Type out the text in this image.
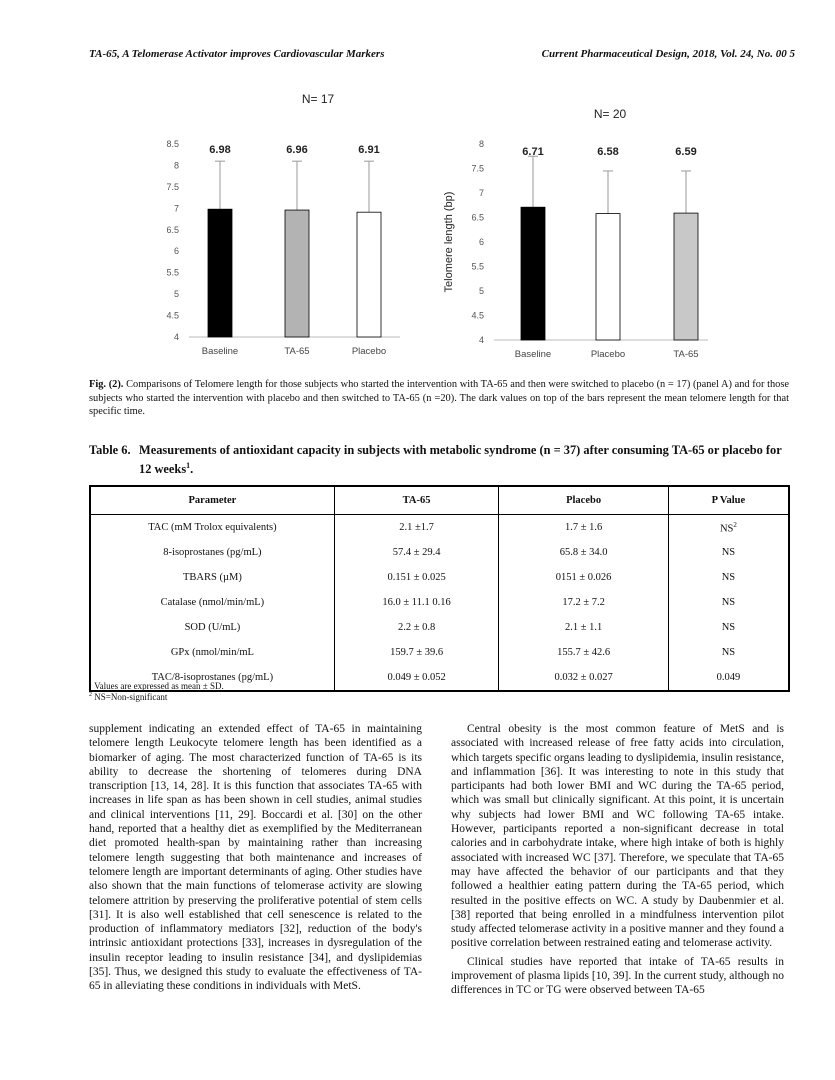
TA-65, A Telomerase Activator improves Cardiovascular Markers	Current Pharmaceutical Design, 2018, Vol. 24, No. 00 5
N= 17
4
4.5
5
5.5
6
6.5
7
7.5
8
8.5	6.98
Baseline
6.96
TA-65
6.91
Placebo
N= 20
Telomere length (bp)
4
4.5
5
5.5
6
6.5
7
7.5
8
6.71
Baseline
6.58
Placebo
6.59
TA-65
Fig. (2). Comparisons of Telomere length for those subjects who started the intervention with TA-65 and then were switched to placebo (n = 17) (panel A) and for those subjects who started the intervention with placebo and then switched to TA-65 (n =20). The dark values on top of the bars represent the mean telomere length for that specific time.
Table 6. Measurements of antioxidant capacity in subjects with metabolic syndrome (n = 37) after consuming TA-65 or placebo for
12 weeks$^1$.
Parameter	TA-65	Placebo	P Value
TAC (mM Trolox equivalents)	2.1 ±1.7	1.7 ± 1.6	$NS^2$
8-isoprostanes (pg/mL)	57.4 ± 29.4	65.8 ± 34.0	NS
TBARS (µM)	0.151 ± 0.025	0151 ± 0.026	NS
Catalase (nmol/min/mL)	16.0 ± 11.1 0.16	17.2 ± 7.2	NS
SOD (U/mL)	2.2 ± 0.8	2.1 ± 1.1	NS
GPx (nmol/min/mL	159.7 ± 39.6	155.7 ± 42.6	NS
TAC/8-isoprostanes (pg/mL)	0.049 ± 0.052	0.032 ± 0.027	0.049
$^1$ Values are expressed as mean ± SD.
$^2$ NS=Non-significant

supplement indicating an extended effect of TA-65 in maintaining telomere length Leukocyte telomere length has been identified as a biomarker of aging. The most characterized function of TA-65 is its ability to decrease the shortening of telomeres during DNA transcription [13, 14, 28]. It is this function that associates TA-65 with increases in life span as has been shown in cell studies, animal studies and clinical interventions [11, 29]. Boccardi et al. [30] on the other hand, reported that a healthy diet as exemplified by the Mediterranean diet promoted health-span by maintaining rather than increasing telomere length suggesting that both maintenance and increases of telomere length are important determinants of aging. Other studies have also shown that the main functions of telomerase activity are slowing telomere attrition by preserving the proliferative potential of stem cells [31]. It is also well established that cell senescence is related to the production of inflammatory mediators [32], reduction of the body's intrinsic antioxidant protections [33], increases in dysregulation of the insulin receptor leading to insulin resistance [34], and dyslipidemias [35]. Thus, we designed this study to evaluate the effectiveness of TA-65 in alleviating these conditions in individuals with MetS.

Central obesity is the most common feature of MetS and is associated with increased release of free fatty acids into circulation, which targets specific organs leading to dyslipidemia, insulin resistance, and inflammation [36]. It was interesting to note in this study that participants had both lower BMI and WC during the TA-65 period, which was small but clinically significant. At this point, it is uncertain why subjects had lower BMI and WC following TA-65 intake. However, participants reported a non-significant decrease in total calories and in carbohydrate intake, where high intake of both is highly associated with increased WC [37]. Therefore, we speculate that TA-65 may have affected the behavior of our participants and that they followed a healthier eating pattern during the TA-65 period, which resulted in the positive effects on WC. A study by Daubenmier et al. [38] reported that being enrolled in a mindfulness intervention pilot study affected telomerase activity in a positive manner and they found a positive correlation between restrained eating and telomerase activity.

Clinical studies have reported that intake of TA-65 results in improvement of plasma lipids [10, 39]. In the current study, although no differences in TC or TG were observed between TA-65
